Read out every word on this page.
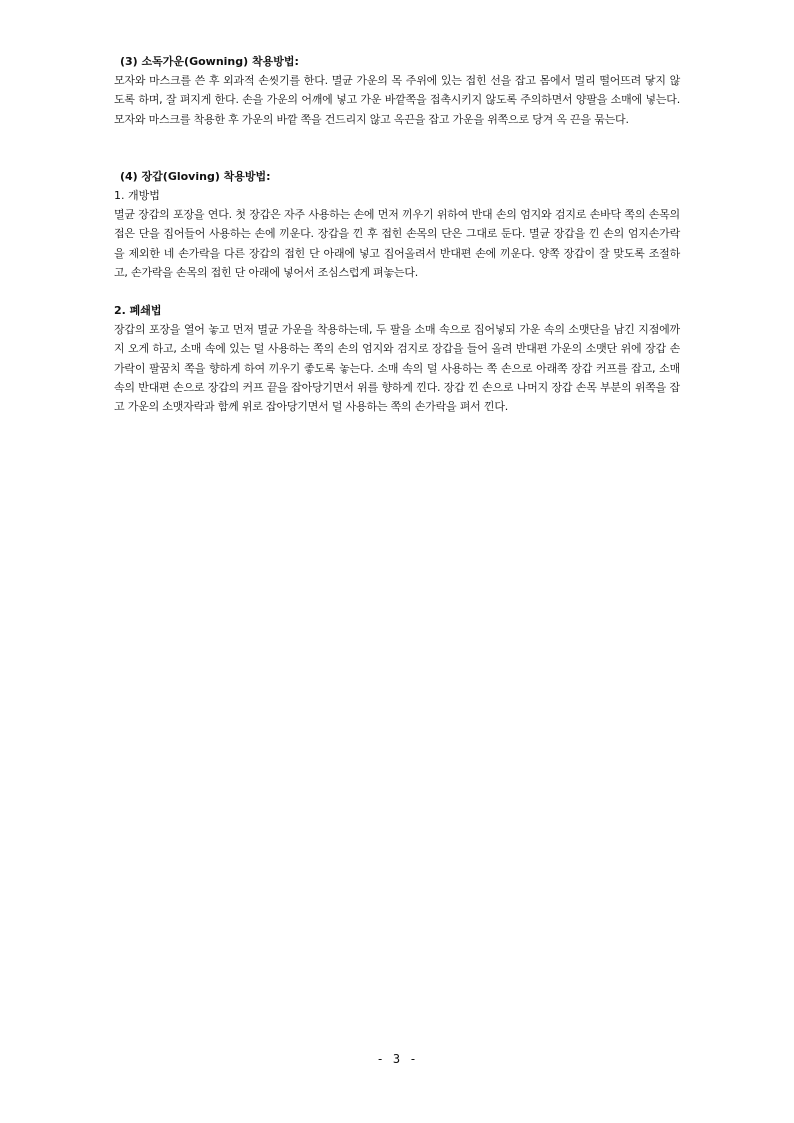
(3) 소독가운(Gowning) 착용방법:

모자와 마스크를 쓴 후 외과적 손씻기를 한다. 멸균 가운의 목 주위에 있는 접힌 선을 잡고 몸에서 멀리 떨어뜨려 닿지 않도록 하며, 잘 펴지게 한다. 손을 가운의 어깨에 넣고 가운 바깥쪽을 접촉시키지 않도록 주의하면서 양팔을 소매에 넣는다. 모자와 마스크를 착용한 후 가운의 바깥 쪽을 건드리지 않고 옥끈을 잡고 가운을 위쪽으로 당겨 옥 끈을 묶는다.

(4) 장갑(Gloving) 착용방법:

1. 개방법

멸균 장갑의 포장을 연다. 첫 장갑은 자주 사용하는 손에 먼저 끼우기 위하여 반대 손의 엄지와 검지로 손바닥 쪽의 손목의 접은 단을 집어들어 사용하는 손에 끼운다. 장갑을 낀 후 접힌 손목의 단은 그대로 둔다. 멸균 장갑을 낀 손의 엄지손가락을 제외한 네 손가락을 다른 장갑의 접힌 단 아래에 넣고 집어올려서 반대편 손에 끼운다. 양쪽 장갑이 잘 맞도록 조절하고, 손가락을 손목의 접힌 단 아래에 넣어서 조심스럽게 펴놓는다.

2. 폐쇄법

장갑의 포장을 열어 놓고 먼저 멸균 가운을 착용하는데, 두 팔을 소매 속으로 집어넣되 가운 속의 소맷단을 남긴 지점에까지 오게 하고, 소매 속에 있는 덜 사용하는 쪽의 손의 엄지와 검지로 장갑을 들어 올려 반대편 가운의 소맷단 위에 장갑 손가락이 팔꿈치 쪽을 향하게 하여 끼우기 좋도록 놓는다. 소매 속의 덜 사용하는 쪽 손으로 아래쪽 장갑 커프를 잡고, 소매 속의 반대편 손으로 장갑의 커프 끝을 잡아당기면서 위를 향하게 낀다. 장갑 낀 손으로 나머지 장갑 손목 부분의 위쪽을 잡고 가운의 소맷자락과 함께 위로 잡아당기면서 덜 사용하는 쪽의 손가락을 펴서 낀다.

- 3 -
